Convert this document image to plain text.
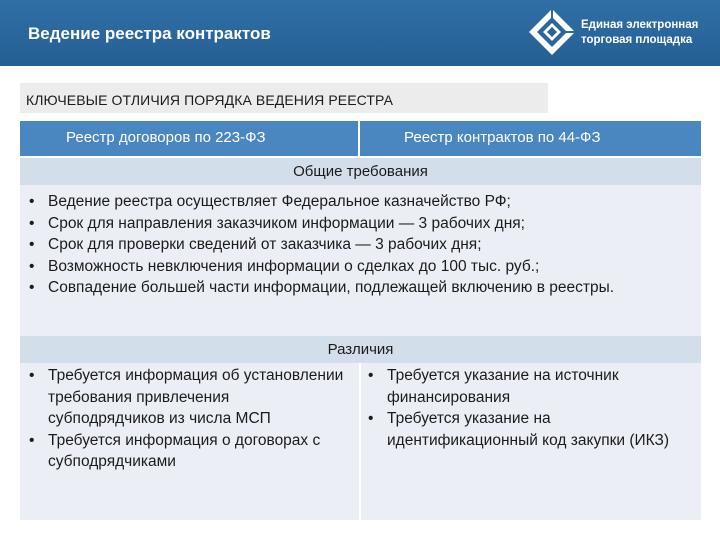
Ведение реестра контрактов	Единая электронная
торговая площадка
КЛЮЧЕВЫЕ ОТЛИЧИЯ ПОРЯДКА ВЕДЕНИЯ РЕЕСТРА
Реестр договоров по 223-ФЗ	Реестр контрактов по 44-ФЗ
Общие требования
• Ведение реестра осуществляет Федеральное казначейство РФ;
• Срок для направления заказчиком информации — 3 рабочих дня;
• Срок для проверки сведений от заказчика — 3 рабочих дня;
• Возможность невключения информации о сделках до 100 тыс. руб.;
• Совпадение большей части информации, подлежащей включению в реестры.
Различия
• Требуется информация об установлении требования привлечения субподрядчиков из числа МСП
• Требуется информация о договорах с субподрядчиками
• Требуется указание на источник финансирования
• Требуется указание на идентификационный код закупки (ИКЗ)
